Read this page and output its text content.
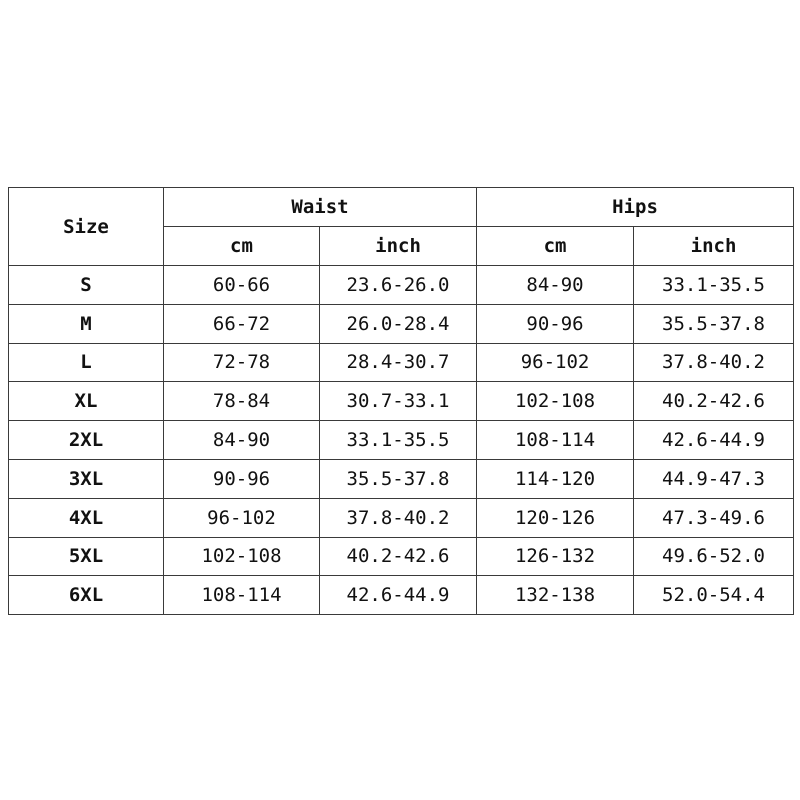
Size	Waist		Hips	
	cm	inch	cm	inch
S	60-66	23.6-26.0	84-90	33.1-35.5
M	66-72	26.0-28.4	90-96	35.5-37.8
L	72-78	28.4-30.7	96-102	37.8-40.2
XL	78-84	30.7-33.1	102-108	40.2-42.6
2XL	84-90	33.1-35.5	108-114	42.6-44.9
3XL	90-96	35.5-37.8	114-120	44.9-47.3
4XL	96-102	37.8-40.2	120-126	47.3-49.6
5XL	102-108	40.2-42.6	126-132	49.6-52.0
6XL	108-114	42.6-44.9	132-138	52.0-54.4
